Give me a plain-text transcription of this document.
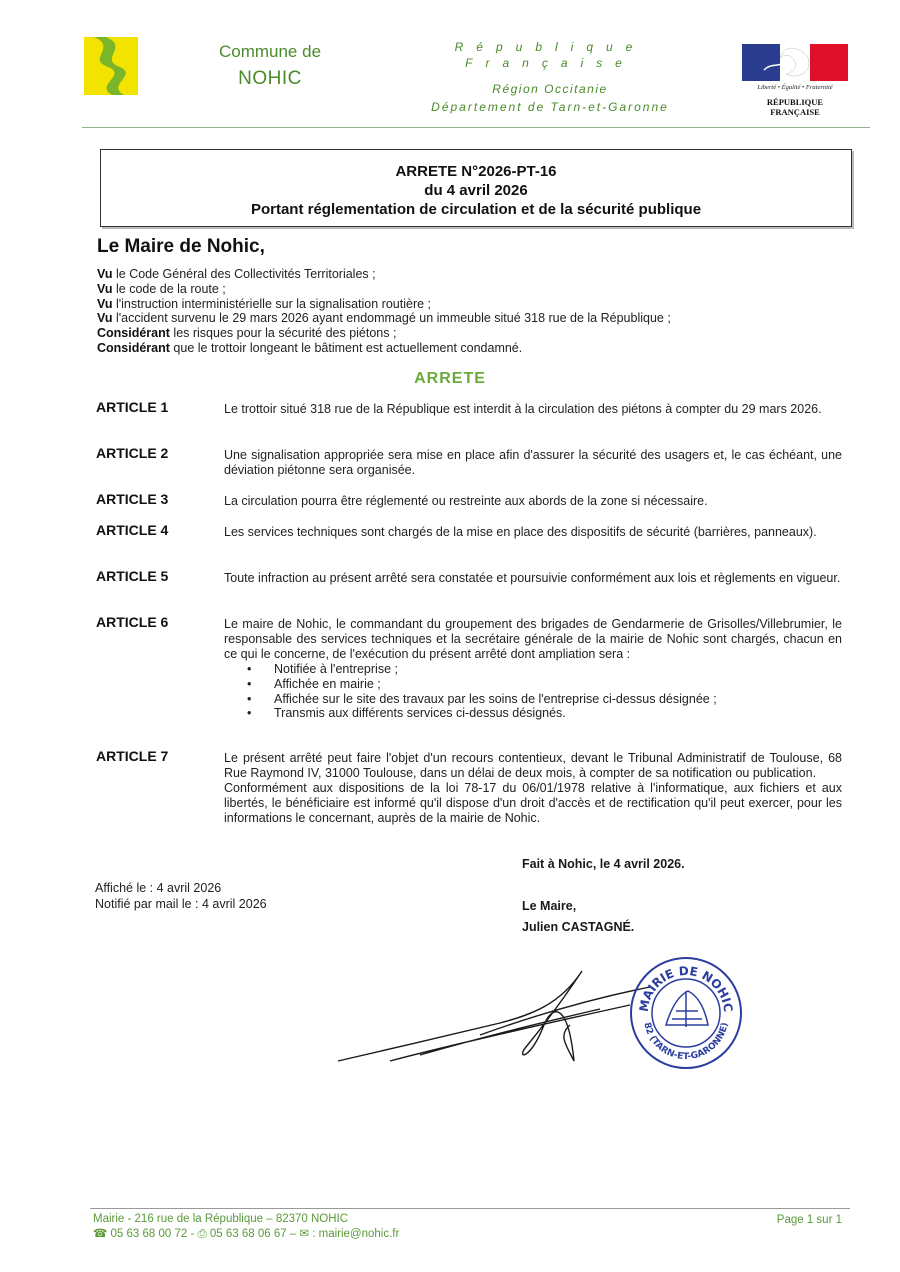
Commune de
NOHIC
République
Française
Région Occitanie
Département de Tarn-et-Garonne
Liberté • Égalité • Fraternité
RÉPUBLIQUE FRANÇAISE
ARRETE N°2026-PT-16
du 4 avril 2026
Portant réglementation de circulation et de la sécurité publique
Le Maire de Nohic,
Vu le Code Général des Collectivités Territoriales ;
Vu le code de la route ;
Vu l'instruction interministérielle sur la signalisation routière ;
Vu l'accident survenu le 29 mars 2026 ayant endommagé un immeuble situé 318 rue de la République ;
Considérant les risques pour la sécurité des piétons ;
Considérant que le trottoir longeant le bâtiment est actuellement condamné.
ARRETE
ARTICLE 1	Le trottoir situé 318 rue de la République est interdit à la circulation des piétons à compter du 29 mars 2026.
ARTICLE 2	Une signalisation appropriée sera mise en place afin d'assurer la sécurité des usagers et, le cas échéant, une déviation piétonne sera organisée.
ARTICLE 3	La circulation pourra être réglementé ou restreinte aux abords de la zone si nécessaire.
ARTICLE 4	Les services techniques sont chargés de la mise en place des dispositifs de sécurité (barrières, panneaux).
ARTICLE 5	Toute infraction au présent arrêté sera constatée et poursuivie conformément aux lois et règlements en vigueur.
ARTICLE 6	Le maire de Nohic, le commandant du groupement des brigades de Gendarmerie de Grisolles/Villebrumier, le responsable des services techniques et la secrétaire générale de la mairie de Nohic sont chargés, chacun en ce qui le concerne, de l'exécution du présent arrêté dont ampliation sera :
• Notifiée à l'entreprise ;
• Affichée en mairie ;
• Affichée sur le site des travaux par les soins de l'entreprise ci-dessus désignée ;
• Transmis aux différents services ci-dessus désignés.
ARTICLE 7	Le présent arrêté peut faire l'objet d'un recours contentieux, devant le Tribunal Administratif de Toulouse, 68 Rue Raymond IV, 31000 Toulouse, dans un délai de deux mois, à compter de sa notification ou publication.
Conformément aux dispositions de la loi 78-17 du 06/01/1978 relative à l'informatique, aux fichiers et aux libertés, le bénéficiaire est informé qu'il dispose d'un droit d'accès et de rectification qu'il peut exercer, pour les informations le concernant, auprès de la mairie de Nohic.
Fait à Nohic, le 4 avril 2026.
Affiché le : 4 avril 2026
Notifié par mail le : 4 avril 2026	Le Maire,
Julien CASTAGNÉ.
MAIRIE DE NOHIC
82 (TARN-ET-GARONNE)
Mairie - 216 rue de la République – 82370 NOHIC
☎ 05 63 68 00 72 - ⎙ 05 63 68 06 67 – ✉ : mairie@nohic.fr
Page 1 sur 1
